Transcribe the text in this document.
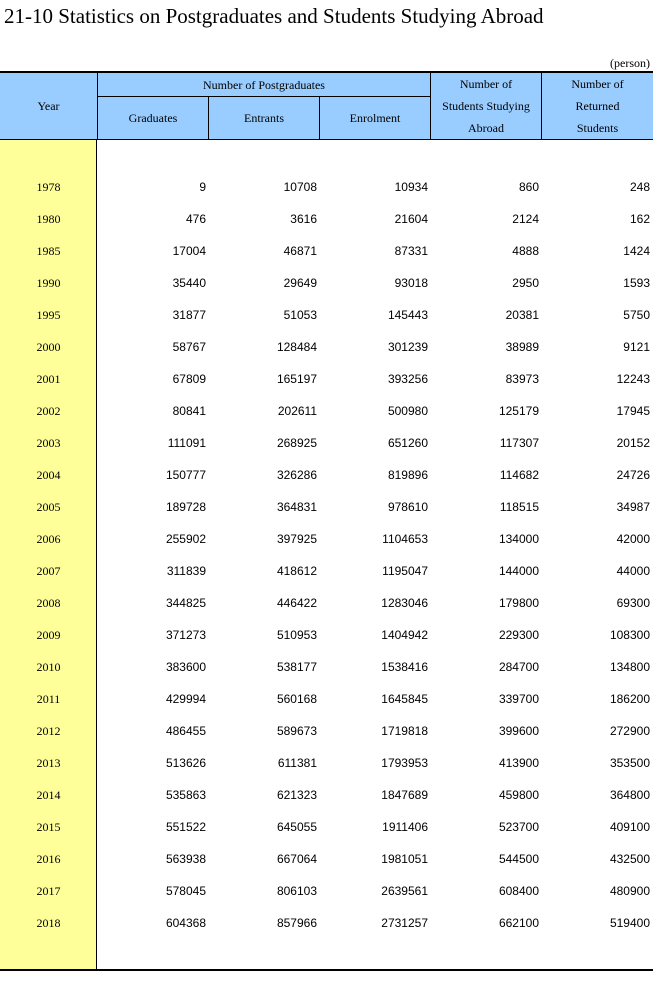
21-10 Statistics on Postgraduates and Students Studying Abroad
(person)
Year
Number of Postgraduates
Graduates	Entrants	Enrolment
Number of
Students Studying
Abroad
Number of
Returned
Students
1978	9	10708	10934	860	248
1980	476	3616	21604	2124	162
1985	17004	46871	87331	4888	1424
1990	35440	29649	93018	2950	1593
1995	31877	51053	145443	20381	5750
2000	58767	128484	301239	38989	9121
2001	67809	165197	393256	83973	12243
2002	80841	202611	500980	125179	17945
2003	111091	268925	651260	117307	20152
2004	150777	326286	819896	114682	24726
2005	189728	364831	978610	118515	34987
2006	255902	397925	1104653	134000	42000
2007	311839	418612	1195047	144000	44000
2008	344825	446422	1283046	179800	69300
2009	371273	510953	1404942	229300	108300
2010	383600	538177	1538416	284700	134800
2011	429994	560168	1645845	339700	186200
2012	486455	589673	1719818	399600	272900
2013	513626	611381	1793953	413900	353500
2014	535863	621323	1847689	459800	364800
2015	551522	645055	1911406	523700	409100
2016	563938	667064	1981051	544500	432500
2017	578045	806103	2639561	608400	480900
2018	604368	857966	2731257	662100	519400
